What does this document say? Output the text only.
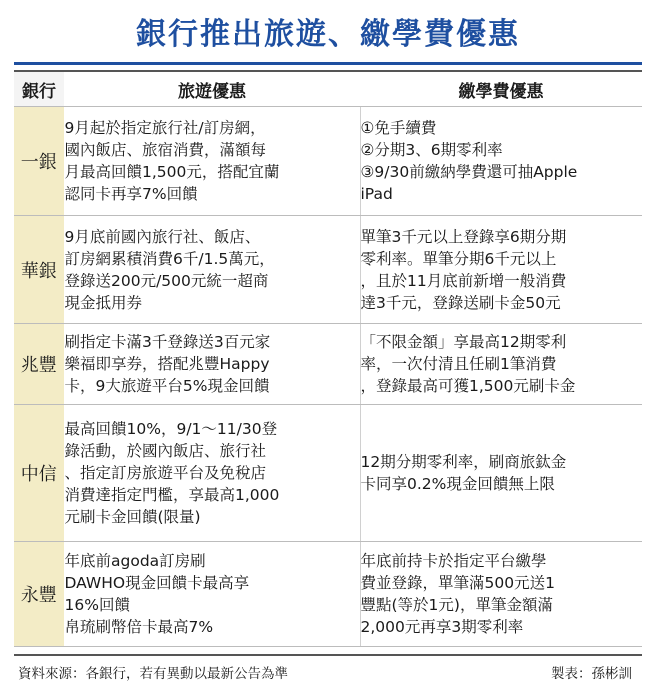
銀行推出旅遊、繳學費優惠
銀行	旅遊優惠	繳學費優惠
一銀	9月起於指定旅行社/訂房網，
國內飯店、旅宿消費，滿額每
月最高回饋1,500元，搭配宜蘭
認同卡再享7%回饋	①免手續費
②分期3、6期零利率
③9/30前繳納學費還可抽Apple
iPad

華銀	9月底前國內旅行社、飯店、
訂房網累積消費6千/1.5萬元，
登錄送200元/500元統一超商
現金抵用券	單筆3千元以上登錄享6期分期
零利率。單筆分期6千元以上
，且於11月底前新增一般消費
達3千元，登錄送刷卡金50元

兆豐	刷指定卡滿3千登錄送3百元家
樂福即享券，搭配兆豐Happy
卡，9大旅遊平台5%現金回饋	「不限金額」享最高12期零利
率，一次付清且任刷1筆消費
，登錄最高可獲1,500元刷卡金

中信	最高回饋10%，9/1～11/30登
錄活動，於國內飯店、旅行社
、指定訂房旅遊平台及免稅店
消費達指定門檻，享最高1,000
元刷卡金回饋(限量)	12期分期零利率，刷商旅鈦金
卡同享0.2%現金回饋無上限

永豐	年底前agoda訂房刷
DAWHO現金回饋卡最高享
16%回饋
帛琉刷幣倍卡最高7%	年底前持卡於指定平台繳學
費並登錄，單筆滿500元送1
豐點(等於1元)，單筆金額滿
2,000元再享3期零利率
資料來源：各銀行，若有異動以最新公告為準	製表：孫彬訓
